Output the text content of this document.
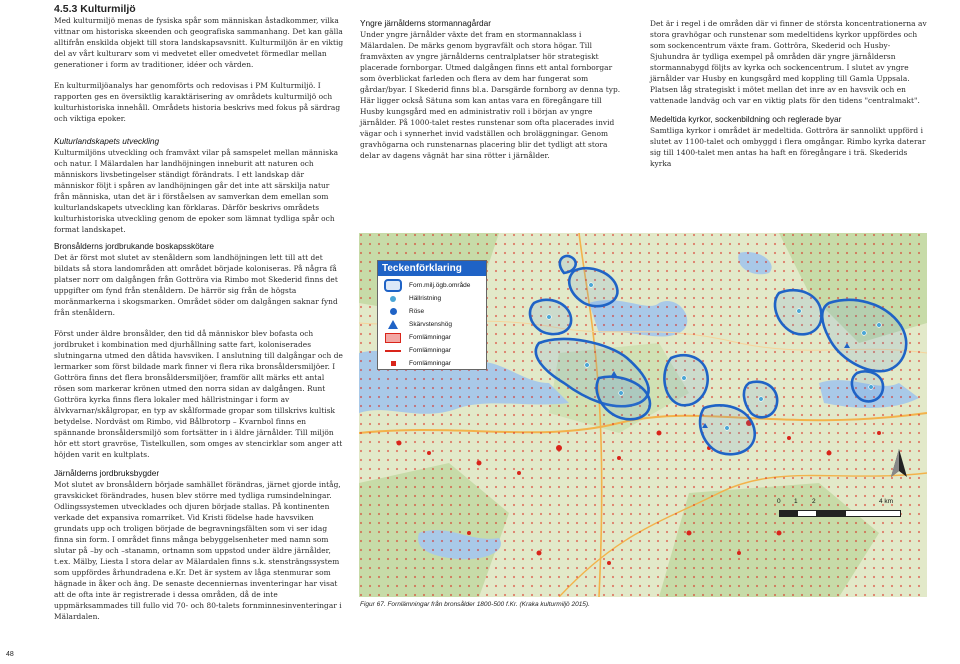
4.5.3 Kulturmiljö

Med kulturmiljö menas de fysiska spår som människan åstadkommer, vilka vittnar om historiska skeenden och geografiska sammanhang. Det kan gälla alltifrån enskilda objekt till stora landskapsavsnitt. Kulturmiljön är en viktig del av vårt kulturarv som vi medvetet eller omedvetet förmedlar mellan generationer i form av traditioner, idéer och värden.

En kulturmiljöanalys har genomförts och redovisas i PM Kulturmiljö. I rapporten ges en översiktlig karaktärisering av områdets kulturmiljö och kulturhistoriska innehåll. Områdets historia beskrivs med fokus på särdrag och viktiga epoker.

Kulturlandskapets utveckling

Kulturmiljöns utveckling och framväxt vilar på samspelet mellan människa och natur. I Mälardalen har landhöjningen inneburit att naturen och människors livsbetingelser ständigt förändrats. I ett landskap där människor följt i spåren av landhöjningen går det inte att särskilja natur från människa, utan det är i förståelsen av samverkan dem emellan som kulturlandskapets utveckling kan förklaras. Därför beskrivs områdets kulturhistoriska utveckling genom de epoker som lämnat tydliga spår och format landskapet.

Bronsålderns jordbrukande boskapsskötare

Det är först mot slutet av stenåldern som landhöjningen lett till att det bildats så stora landområden att området började koloniseras. På några få platser norr om dalgången från Gottröra via Rimbo mot Skederid finns det uppgifter om fynd från stenåldern. De härrör sig från de högsta moränmarkerna i skogsmarken. Området söder om dalgången saknar fynd från stenåldern.

Först under äldre bronsålder, den tid då människor blev bofasta och jordbruket i kombination med djurhållning satte fart, koloniserades slutningarna utmed den dåtida havsviken. I anslutning till dalgångar och de lermarker som först bildade mark finner vi flera rika bronsåldersmiljöer. I Gottröra finns det flera bronsåldersmiljöer, framför allt märks ett antal rösen som markerar krönen utmed den norra sidan av dalgången. Runt Gottröra kyrka finns flera lokaler med hällristningar i form av älvkvarnar/skålgropar, en typ av skålformade gropar som tillskrivs kultisk betydelse. Nordväst om Rimbo, vid Bålbrotorp – Kvarnbol finns en spännande bronsåldersmiljö som fortsätter in i äldre järnålder. Till miljön hör ett stort gravröse, Tistelkullen, som omges av stencirklar som anger att höjden varit en kultplats.

Järnålderns jordbruksbygder

Mot slutet av bronsåldern började samhället förändras, järnet gjorde intåg, gravskicket förändrades, husen blev större med tydliga rumsindelningar. Odlingssystemen utvecklades och djuren började stallas. På kontinenten verkade det expansiva romarriket. Vid Kristi födelse hade havsviken grundats upp och troligen började de begravningsfälten som vi ser idag finna sin form. I området finns många bebyggelsenheter med namn som slutar på –by och –stanamn, ortnamn som uppstod under äldre järnålder, t.ex. Mälby, Liesta I stora delar av Mälardalen finns s.k. stensträngssystem som uppfördes århundradena e.Kr. Det är system av låga stenmurar som hägnade in åker och äng. De senaste decenniernas inventeringar har visat att de ofta inte är registrerade i dessa områden, då de inte uppmärksammades till fullo vid 70- och 80-talets fornminnesinventeringar i Mälardalen.

Yngre järnålderns stormannagårdar

Under yngre järnålder växte det fram en stormannaklass i Mälardalen. De märks genom bygravfält och stora högar. Till framväxten av yngre järnålderns centralplatser hör strategiskt placerade fornborgar. Utmed dalgången finns ett antal fornborgar som överblickat farleden och flera av dem har fungerat som gårdar/byar. I Skederid finns bl.a. Darsgärde fornborg av denna typ. Här ligger också Sätuna som kan antas vara en föregångare till Husby kungsgård med en administrativ roll i början av yngre järnålder. På 1000-talet restes runstenar som ofta placerades invid vägar och i synnerhet invid vadställen och broläggningar. Genom gravhögarna och runstenarnas placering blir det tydligt att stora delar av dagens vägnät har sina rötter i järnålder.

Det är i regel i de områden där vi finner de största koncentrationerna av stora gravhögar och runstenar som medeltidens kyrkor uppfördes och som sockencentrum växte fram. Gottröra, Skederid och Husby-Sjuhundra är tydliga exempel på områden där yngre järnåldersn stormannabygd följts av kyrka och sockencentrum. I slutet av yngre järnålder var Husby en kungsgård med koppling till Gamla Uppsala. Platsen låg strategiskt i mötet mellan det inre av en havsvik och en vattenade landväg och var en viktig plats för den tidens "centralmakt".

Medeltida kyrkor, sockenbildning och reglerade byar

Samtliga kyrkor i området är medeltida. Gottröra är sannolikt uppförd i slutet av 1100-talet och ombyggd i flera omgångar. Rimbo kyrka daterar sig till 1400-talet men antas ha haft en föregångare i trä. Skederids kyrka

Teckenförklaring
Forn.milj.ögb.område
Hällristning
Röse
Skärvstenshög
Fornlämningar
Fornlämningar
Fornlämningar
0 1 2	4 km
Figur 67. Fornlämningar från bronsålder 1800-500 f.Kr. (Kraka kulturmiljö 2015).
48
